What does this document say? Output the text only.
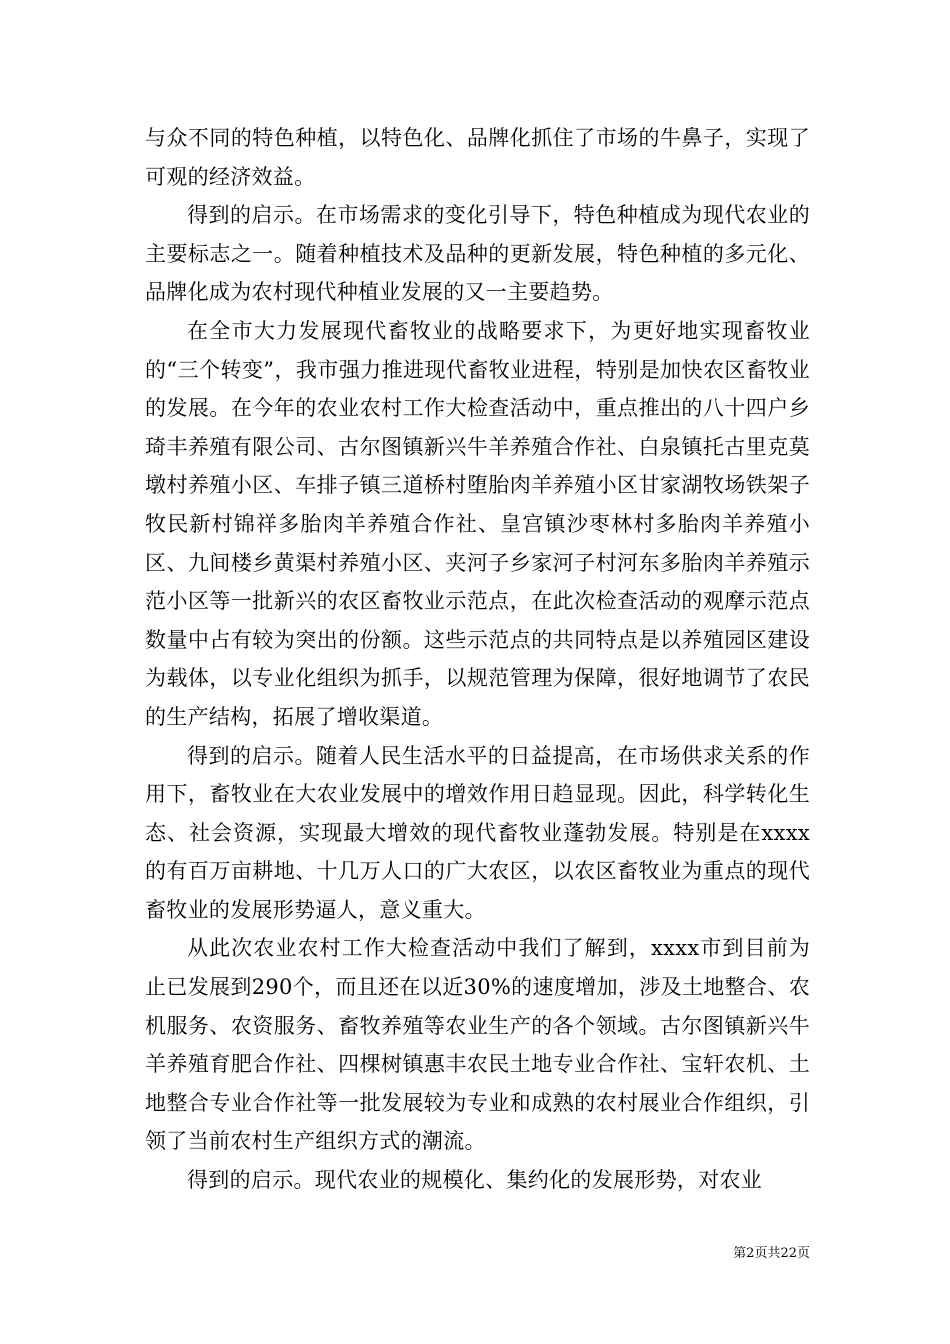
与众不同的特色种植，以特色化、品牌化抓住了市场的牛鼻子，实现了可观的经济效益。

得到的启示。在市场需求的变化引导下，特色种植成为现代农业的主要标志之一。随着种植技术及品种的更新发展，特色种植的多元化、品牌化成为农村现代种植业发展的又一主要趋势。

在全市大力发展现代畜牧业的战略要求下，为更好地实现畜牧业的“三个转变”，我市强力推进现代畜牧业进程，特别是加快农区畜牧业的发展。在今年的农业农村工作大检查活动中，重点推出的八十四户乡琦丰养殖有限公司、古尔图镇新兴牛羊养殖合作社、白泉镇托古里克莫墩村养殖小区、车排子镇三道桥村堕胎肉羊养殖小区甘家湖牧场铁架子牧民新村锦祥多胎肉羊养殖合作社、皇宫镇沙枣林村多胎肉羊养殖小区、九间楼乡黄渠村养殖小区、夹河子乡家河子村河东多胎肉羊养殖示范小区等一批新兴的农区畜牧业示范点，在此次检查活动的观摩示范点数量中占有较为突出的份额。这些示范点的共同特点是以养殖园区建设为载体，以专业化组织为抓手，以规范管理为保障，很好地调节了农民的生产结构，拓展了增收渠道。

得到的启示。随着人民生活水平的日益提高，在市场供求关系的作用下，畜牧业在大农业发展中的增效作用日趋显现。因此，科学转化生态、社会资源，实现最大增效的现代畜牧业蓬勃发展。特别是在xxxx的有百万亩耕地、十几万人口的广大农区，以农区畜牧业为重点的现代畜牧业的发展形势逼人，意义重大。

从此次农业农村工作大检查活动中我们了解到，xxxx市到目前为止已发展到290个，而且还在以近30%的速度增加，涉及土地整合、农机服务、农资服务、畜牧养殖等农业生产的各个领域。古尔图镇新兴牛羊养殖育肥合作社、四棵树镇惠丰农民土地专业合作社、宝轩农机、土地整合专业合作社等一批发展较为专业和成熟的农村展业合作组织，引领了当前农村生产组织方式的潮流。

得到的启示。现代农业的规模化、集约化的发展形势，对农业

第2页共22页
